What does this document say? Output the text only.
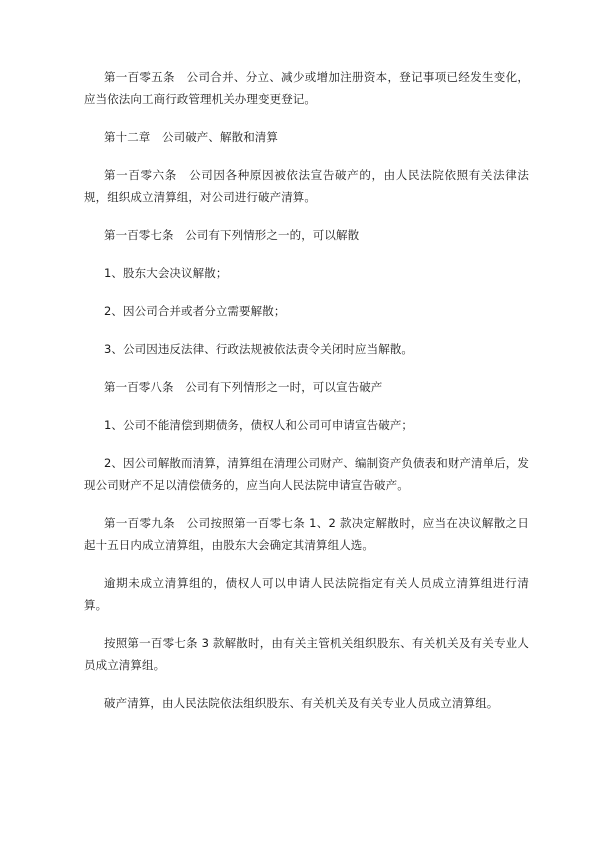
第一百零五条　公司合并、分立、减少或增加注册资本，登记事项已经发生变化，应当依法向工商行政管理机关办理变更登记。

第十二章　公司破产、解散和清算

第一百零六条　公司因各种原因被依法宣告破产的，由人民法院依照有关法律法规，组织成立清算组，对公司进行破产清算。

第一百零七条　公司有下列情形之一的，可以解散

1、股东大会决议解散；

2、因公司合并或者分立需要解散；

3、公司因违反法律、行政法规被依法责令关闭时应当解散。

第一百零八条　公司有下列情形之一时，可以宣告破产

1、公司不能清偿到期债务，债权人和公司可申请宣告破产；

2、因公司解散而清算，清算组在清理公司财产、编制资产负债表和财产清单后，发现公司财产不足以清偿债务的，应当向人民法院申请宣告破产。

第一百零九条　公司按照第一百零七条 1、2 款决定解散时，应当在决议解散之日起十五日内成立清算组，由股东大会确定其清算组人选。

逾期未成立清算组的，债权人可以申请人民法院指定有关人员成立清算组进行清算。

按照第一百零七条 3 款解散时，由有关主管机关组织股东、有关机关及有关专业人员成立清算组。

破产清算，由人民法院依法组织股东、有关机关及有关专业人员成立清算组。
